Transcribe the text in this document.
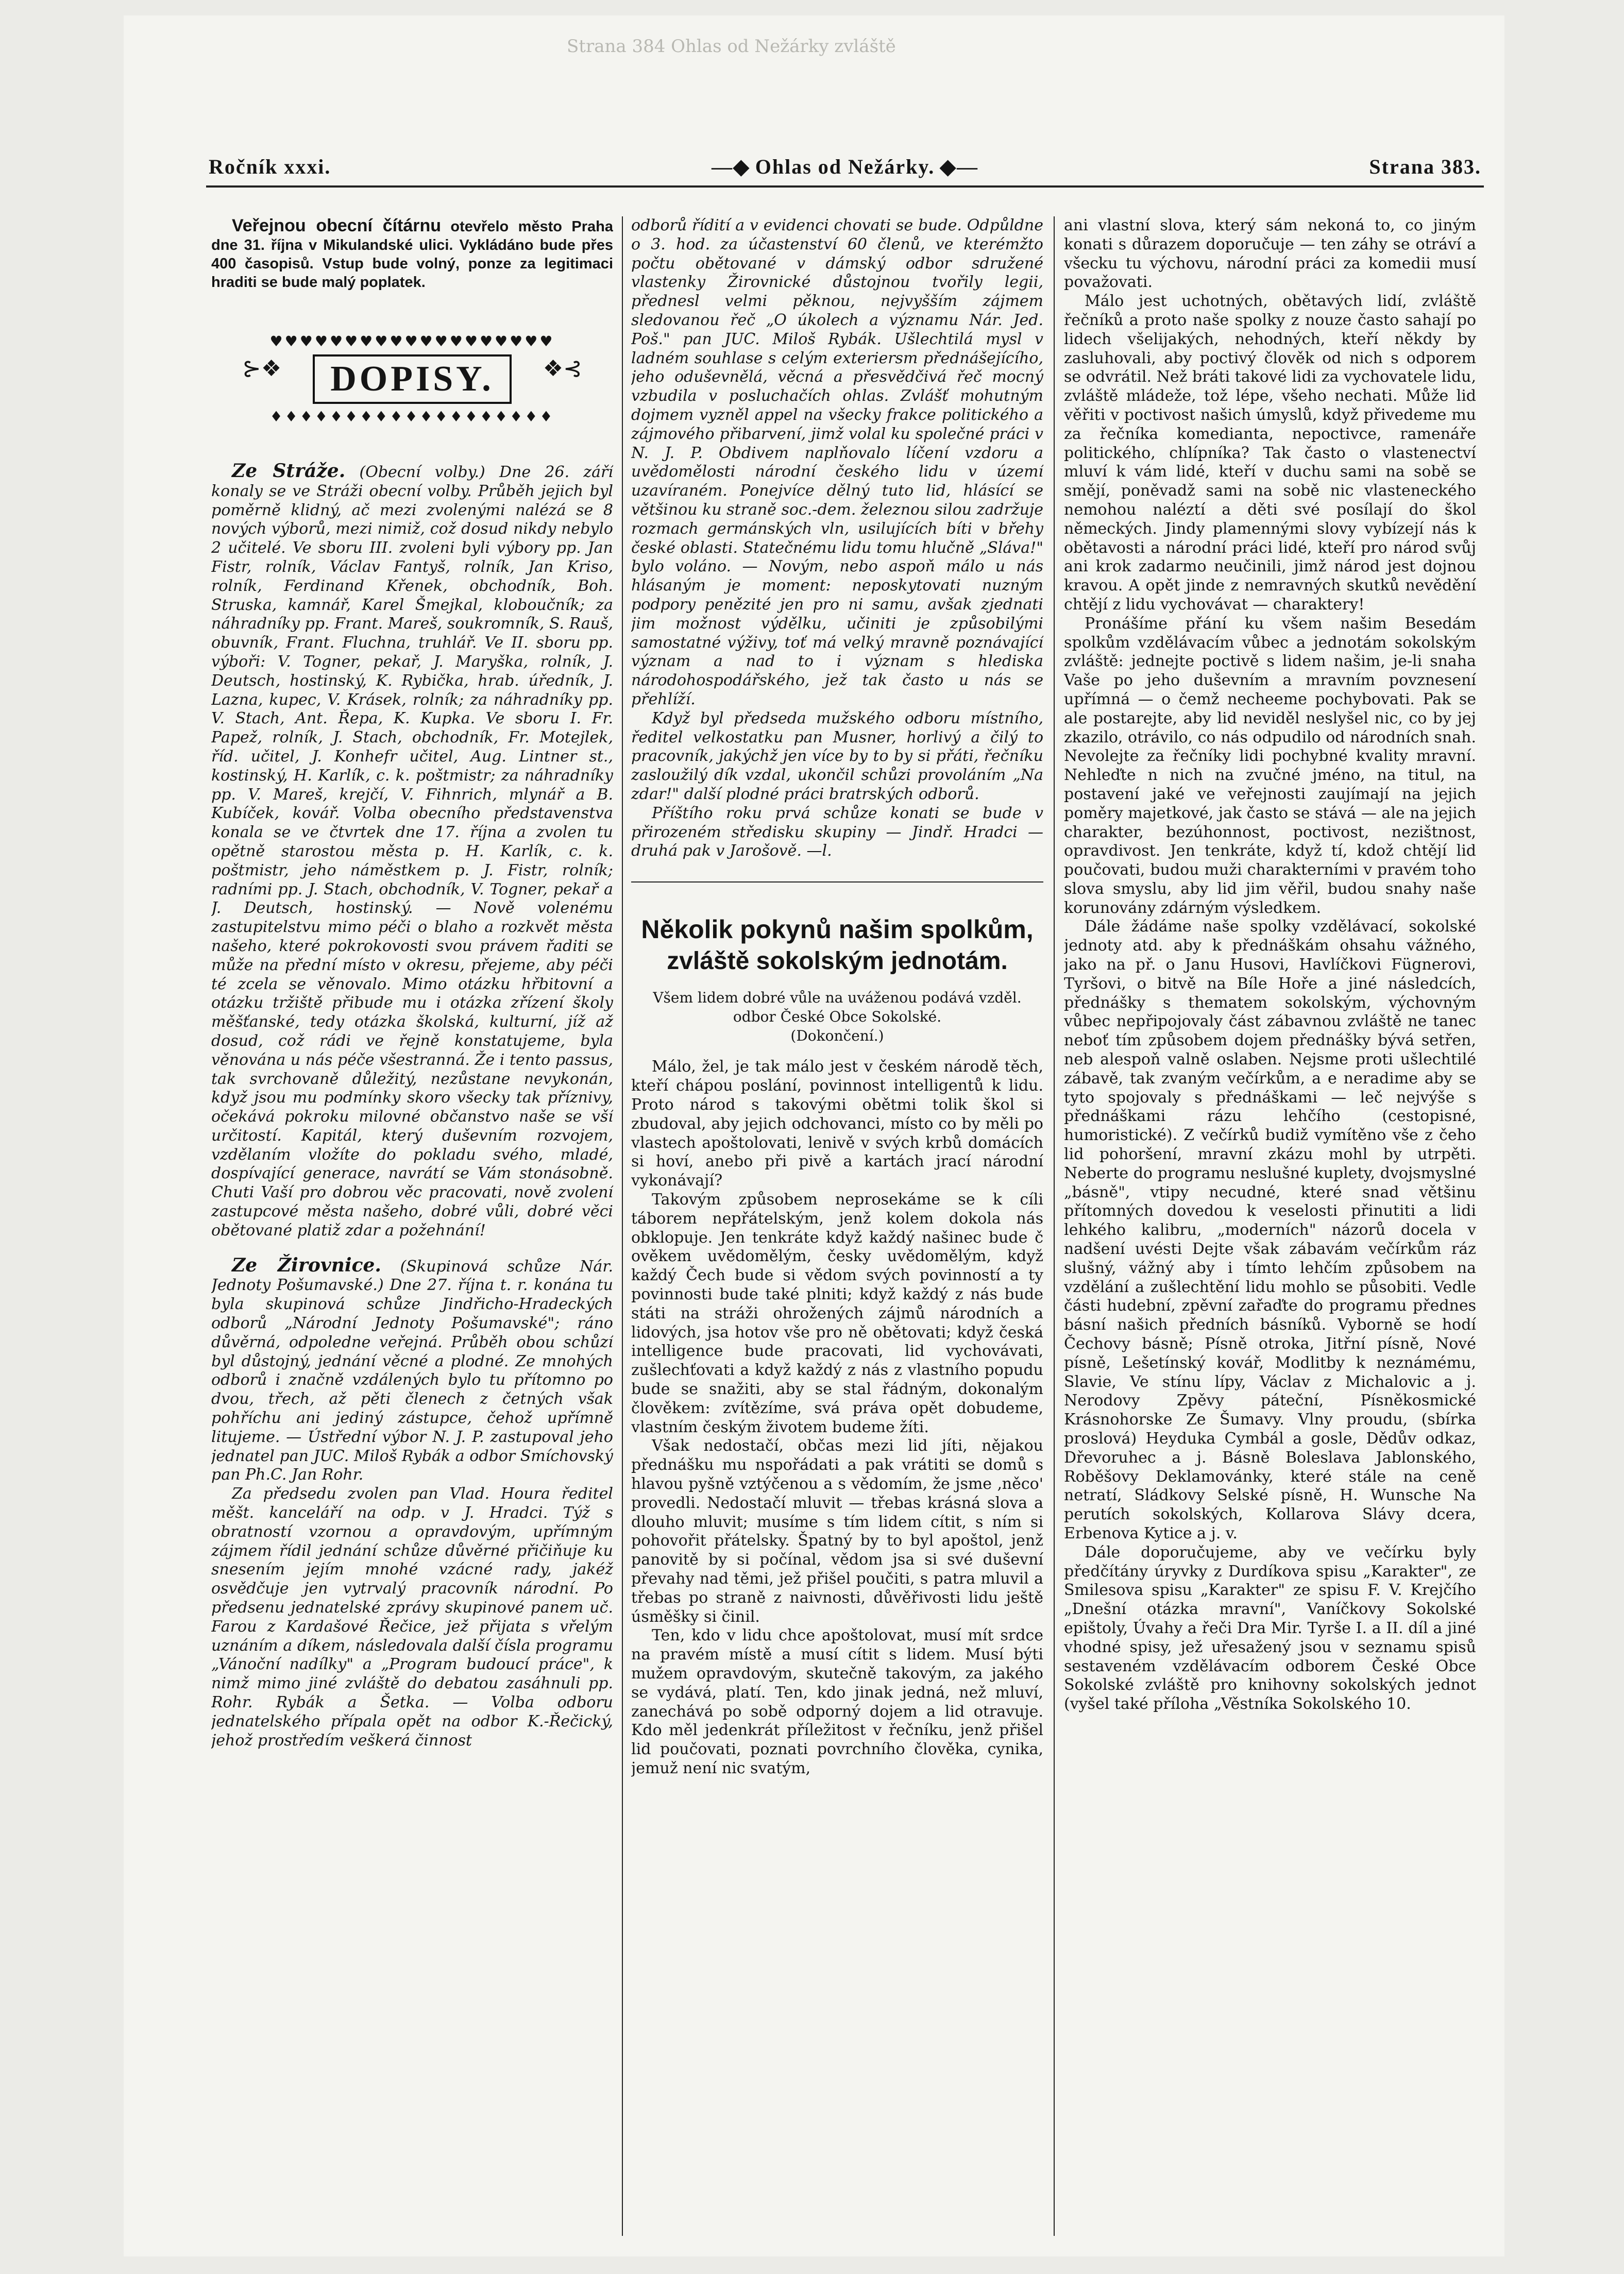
Strana 384 Ohlas od Nežárky zvláště
Ročník xxxi.	—◆ Ohlas od Nežárky. ◆—	Strana 383.

Veřejnou obecní čítárnu otevřelo město Praha dne 31. října v Mikulandské ulici. Vykládáno bude přes 400 časopisů. Vstup bude volný, ponze za legitimaci hraditi se bude malý poplatek.

♥♥♥♥♥♥♥♥♥♥♥♥♥♥♥♥♥♥♥
⊱❖ DOPISY. ❖⊰
♦♦♦♦♦♦♦♦♦♦♦♦♦♦♦♦♦♦♦

Ze Stráže. (Obecní volby.) Dne 26. září konaly se ve Stráži obecní volby. Průběh jejich byl poměrně klidný, ač mezi zvolenými nalézá se 8 nových výborů, mezi nimiž, což dosud nikdy nebylo 2 učitelé. Ve sboru III. zvoleni byli výbory pp. Jan Fistr, rolník, Václav Fantyš, rolník, Jan Kriso, rolník, Ferdinand Křenek, obchodník, Boh. Struska, kamnář, Karel Šmejkal, kloboučník; za náhradníky pp. Frant. Mareš, soukromník, S. Rauš, obuvník, Frant. Fluchna, truhlář. Ve II. sboru pp. výboři: V. Togner, pekař, J. Maryška, rolník, J. Deutsch, hostinský, K. Rybička, hrab. úředník, J. Lazna, kupec, V. Krásek, rolník; za náhradníky pp. V. Stach, Ant. Řepa, K. Kupka. Ve sboru I. Fr. Papež, rolník, J. Stach, obchodník, Fr. Motejlek, říd. učitel, J. Konhefr učitel, Aug. Lintner st., kostinský, H. Karlík, c. k. poštmistr; za náhradníky pp. V. Mareš, krejčí, V. Fihnrich, mlynář a B. Kubíček, kovář. Volba obecního představenstva konala se ve čtvrtek dne 17. října a zvolen tu opětně starostou města p. H. Karlík, c. k. poštmistr, jeho náměstkem p. J. Fistr, rolník; radními pp. J. Stach, obchodník, V. Togner, pekař a J. Deutsch, hostinský. — Nově volenému zastupitelstvu mimo péči o blaho a rozkvět města našeho, které pokrokovosti svou právem řaditi se může na přední místo v okresu, přejeme, aby péči té zcela se věnovalo. Mimo otázku hřbitovní a otázku tržiště přibude mu i otázka zřízení školy měšťanské, tedy otázka školská, kulturní, jíž až dosud, což rádi ve řejně konstatujeme, byla věnována u nás péče všestranná. Že i tento passus, tak svrchovaně důležitý, nezůstane nevykonán, když jsou mu podmínky skoro všecky tak příznivy, očekává pokroku milovné občanstvo naše se vší určitostí. Kapitál, který duševním rozvojem, vzdělaním vložíte do pokladu svého, mladé, dospívající generace, navrátí se Vám stonásobně. Chuti Vaší pro dobrou věc pracovati, nově zvolení zastupcové města našeho, dobré vůli, dobré věci obětované platiž zdar a požehnání!

Ze Žirovnice. (Skupinová schůze Nár. Jednoty Pošumavské.) Dne 27. října t. r. konána tu byla skupinová schůze Jindřicho-Hradeckých odborů „Národní Jednoty Pošumavské"; ráno důvěrná, odpoledne veřejná. Průběh obou schůzí byl důstojný, jednání věcné a plodné. Ze mnohých odborů i značně vzdálených bylo tu přítomno po dvou, třech, až pěti členech z četných však pohříchu ani jediný zástupce, čehož upřímně litujeme. — Ústřední výbor N. J. P. zastupoval jeho jednatel pan JUC. Miloš Rybák a odbor Smíchovský pan Ph.C. Jan Rohr.

Za předsedu zvolen pan Vlad. Houra ředitel měšt. kanceláří na odp. v J. Hradci. Týž s obratností vzornou a opravdovým, upřímným zájmem řídil jednání schůze důvěrné přičiňuje ku snesením jejím mnohé vzácné rady, jakéž osvědčuje jen vytrvalý pracovník národní. Po předsenu jednatelské zprávy skupinové panem uč. Farou z Kardašové Řečice, jež přijata s vřelým uznáním a díkem, následovala další čísla programu „Vánoční nadílky" a „Program budoucí práce", k nimž mimo jiné zvláště do debatou zasáhnuli pp. Rohr. Rybák a Šetka. — Volba odboru jednatelského přípala opět na odbor K.-Řečický, jehož prostředím veškerá činnost

odborů řídití a v evidenci chovati se bude. Odpůldne o 3. hod. za účastenství 60 členů, ve kterémžto počtu obětované v dámský odbor sdružené vlastenky Žirovnické důstojnou tvořily legii, přednesl velmi pěknou, nejvyšším zájmem sledovanou řeč „O úkolech a významu Nár. Jed. Poš." pan JUC. Miloš Rybák. Ušlechtilá mysl v ladném souhlase s celým exteriersm přednášejícího, jeho oduševnělá, věcná a přesvědčivá řeč mocný vzbudila v posluchačích ohlas. Zvlášť mohutným dojmem vyzněl appel na všecky frakce politického a zájmového přibarvení, jimž volal ku společné práci v N. J. P. Obdivem naplňovalo líčení vzdoru a uvědomělosti národní českého lidu v území uzavíraném. Ponejvíce dělný tuto lid, hlásící se většinou ku straně soc.-dem. železnou silou zadržuje rozmach germánských vln, usilujících bíti v břehy české oblasti. Statečnému lidu tomu hlučně „Sláva!" bylo voláno. — Novým, nebo aspoň málo u nás hlásaným je moment: neposkytovati nuzným podpory penězité jen pro ni samu, avšak zjednati jim možnost výdělku, učiniti je způsobilými samostatné výživy, toť má velký mravně poznávající význam a nad to i význam s hlediska národohospodářského, jež tak často u nás se přehlíží.

Když byl předseda mužského odboru místního, ředitel velkostatku pan Musner, horlivý a čilý to pracovník, jakýchž jen více by to by si přáti, řečníku zasloužilý dík vzdal, ukončil schůzi provoláním „Na zdar!" další plodné práci bratrských odborů.

Příštího roku prvá schůze konati se bude v přirozeném středisku skupiny — Jindř. Hradci — druhá pak v Jarošově. —l.

Několik pokynů našim spolkům,
zvláště sokolským jednotám.

Všem lidem dobré vůle na uváženou podává vzděl. odbor České Obce Sokolské.

(Dokončení.)

Málo, žel, je tak málo jest v českém národě těch, kteří chápou poslání, povinnost intelligentů k lidu. Proto národ s takovými obětmi tolik škol si zbudoval, aby jejich odchovanci, místo co by měli po vlastech apoštolovati, lenivě v svých krbů domácích si hoví, anebo při pivě a kartách jrací národní vykonávají?

Takovým způsobem neprosekáme se k cíli táborem nepřátelským, jenž kolem dokola nás obklopuje. Jen tenkráte když každý našinec bude č ověkem uvědomělým, česky uvědomělým, když každý Čech bude si vědom svých povinností a ty povinnosti bude také plniti; když každý z nás bude státi na stráži ohrožených zájmů národních a lidových, jsa hotov vše pro ně obětovati; když česká intelligence bude pracovati, lid vychovávati, zušlechťovati a když každý z nás z vlastního popudu bude se snažiti, aby se stal řádným, dokonalým člověkem: zvítězíme, svá práva opět dobudeme, vlastním českým životem budeme žíti.

Však nedostačí, občas mezi lid jíti, nějakou přednášku mu nspořádati a pak vrátiti se domů s hlavou pyšně vztýčenou a s vědomím, že jsme ‚něco' provedli. Nedostačí mluvit — třebas krásná slova a dlouho mluvit; musíme s tím lidem cítit, s ním si pohovořit přátelsky. Špatný by to byl apoštol, jenž panovitě by si počínal, vědom jsa si své duševní převahy nad těmi, jež přišel poučiti, s patra mluvil a třebas po straně z naivnosti, důvěřivosti lidu ještě úsměšky si činil.

Ten, kdo v lidu chce apoštolovat, musí mít srdce na pravém místě a musí cítit s lidem. Musí býti mužem opravdovým, skutečně takovým, za jakého se vydává, platí. Ten, kdo jinak jedná, než mluví, zanechává po sobě odporný dojem a lid otravuje. Kdo měl jedenkrát příležitost v řečníku, jenž přišel lid poučovati, poznati povrchního člověka, cynika, jemuž není nic svatým,

ani vlastní slova, který sám nekoná to, co jiným konati s důrazem doporučuje — ten záhy se otráví a všecku tu výchovu, národní práci za komedii musí považovati.

Málo jest uchotných, obětavých lidí, zvláště řečníků a proto naše spolky z nouze často sahají po lidech všelijakých, nehodných, kteří někdy by zasluhovali, aby poctivý člověk od nich s odporem se odvrátil. Než bráti takové lidi za vychovatele lidu, zvláště mládeže, tož lépe, všeho nechati. Může lid věřiti v poctivost našich úmyslů, když přivedeme mu za řečníka komedianta, nepoctivce, ramenáře politického, chlípníka? Tak často o vlastenectví mluví k vám lidé, kteří v duchu sami na sobě se smějí, poněvadž sami na sobě nic vlasteneckého nemohou naléztí a děti své posílají do škol německých. Jindy plamennými slovy vybízejí nás k obětavosti a národní práci lidé, kteří pro národ svůj ani krok zadarmo neučinili, jimž národ jest dojnou kravou. A opět jinde z nemravných skutků nevědění chtějí z lidu vychovávat — charaktery!

Pronášíme přání ku všem našim Besedám spolkům vzdělávacím vůbec a jednotám sokolským zvláště: jednejte poctivě s lidem našim, je-li snaha Vaše po jeho duševním a mravním povznesení upřímná — o čemž necheeme pochybovati. Pak se ale postarejte, aby lid neviděl neslyšel nic, co by jej zkazilo, otrávilo, co nás odpudilo od národních snah. Nevolejte za řečníky lidi pochybné kvality mravní. Nehleďte n nich na zvučné jméno, na titul, na postavení jaké ve veřejnosti zaujímají na jejich poměry majetkové, jak často se stává — ale na jejich charakter, bezúhonnost, poctivost, nezištnost, opravdivost. Jen tenkráte, když tí, kdož chtějí lid poučovati, budou muži charakterními v pravém toho slova smyslu, aby lid jim věřil, budou snahy naše korunovány zdárným výsledkem.

Dále žádáme naše spolky vzdělávací, sokolské jednoty atd. aby k přednáškám ohsahu vážného, jako na př. o Janu Husovi, Havlíčkovi Fügnerovi, Tyršovi, o bitvě na Bíle Hoře a jiné následcích, přednášky s thematem sokolským, výchovným vůbec nepřipojovaly část zábavnou zvláště ne tanec neboť tím způsobem dojem přednášky bývá setřen, neb alespoň valně oslaben. Nejsme proti ušlechtilé zábavě, tak zvaným večírkům, a e neradime aby se tyto spojovaly s přednáškami — leč nejvýše s přednáškami rázu lehčího (cestopisné, humoristické). Z večírků budiž vymítěno vše z čeho lid pohoršení, mravní zkázu mohl by utrpěti. Neberte do programu neslušné kuplety, dvojsmyslné „básně", vtipy necudné, které snad většinu přítomných dovedou k veselosti přinutiti a lidi lehkého kalibru, „moderních" názorů docela v nadšení uvésti Dejte však zábavám večírkům ráz slušný, vážný aby i tímto lehčím způsobem na vzdělání a zušlechtění lidu mohlo se působiti. Vedle části hudební, zpěvní zařaďte do programu přednes básní našich předních básníků. Vyborně se hodí Čechovy básně; Písně otroka, Jitřní písně, Nové písně, Lešetínský kovář, Modlitby k neznámému, Slavie, Ve stínu lípy, Václav z Michalovic a j. Nerodovy Zpěvy páteční, Písněkosmické Krásnohorske Ze Šumavy. Vlny proudu, (sbírka proslová) Heyduka Cymbál a gosle, Dědův odkaz, Dřevoruhec a j. Básně Boleslava Jablonského, Roběšovy Deklamovánky, které stále na ceně netratí, Sládkovy Selské písně, H. Wunsche Na perutích sokolských, Kollarova Slávy dcera, Erbenova Kytice a j. v.

Dále doporučujeme, aby ve večírku byly předčítány úryvky z Durdíkova spisu „Karakter", ze Smilesova spisu „Karakter" ze spisu F. V. Krejčího „Dnešní otázka mravní", Vaníčkovy Sokolské epištoly, Úvahy a řeči Dra Mir. Tyrše I. a II. díl a jiné vhodné spisy, jež uřesažený jsou v seznamu spisů sestaveném vzdělávacím odborem České Obce Sokolské zvláště pro knihovny sokolských jednot (vyšel také příloha „Věstníka Sokolského 10.
